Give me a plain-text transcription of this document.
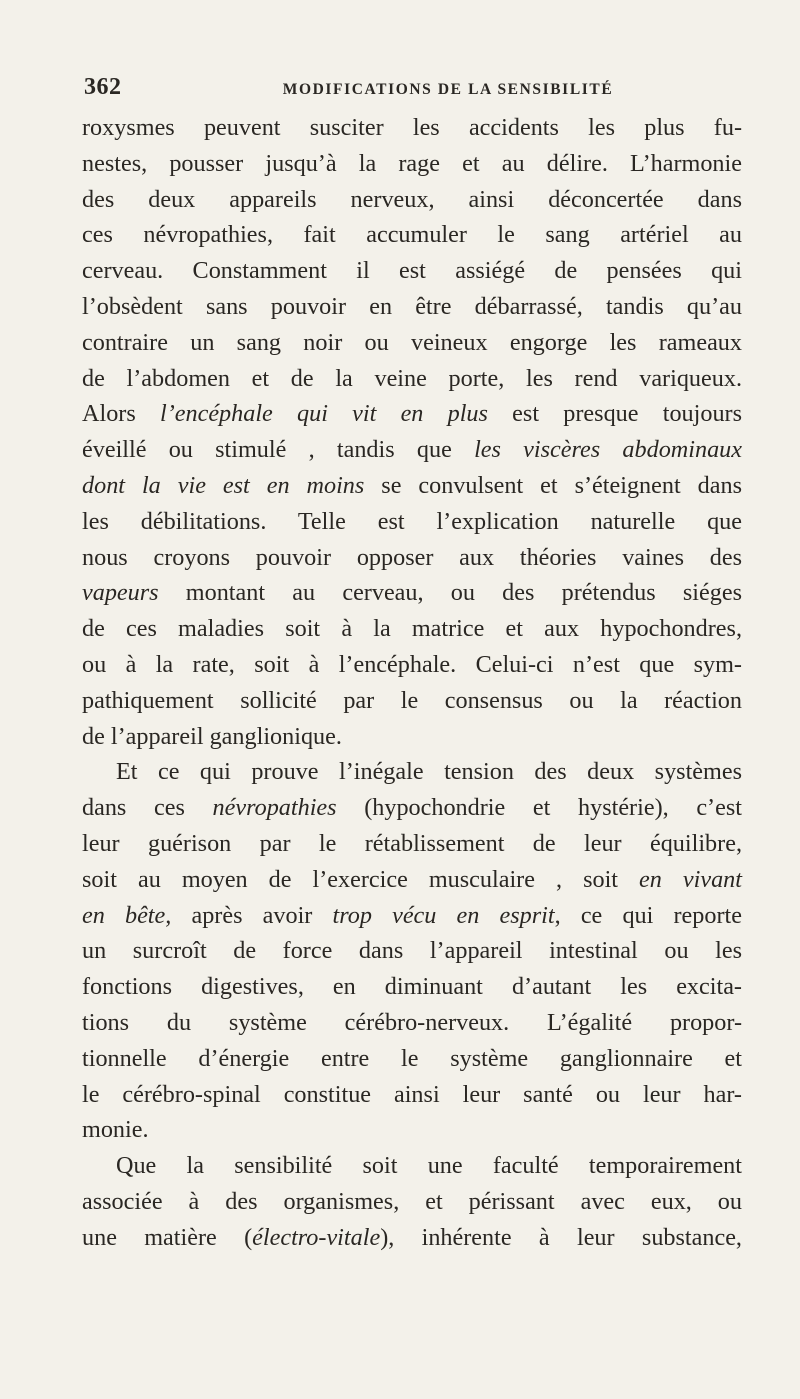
362	MODIFICATIONS DE LA SENSIBILITÉ
roxysmes peuvent susciter les accidents les plus fu-
nestes, pousser jusqu’à la rage et au délire. L’harmonie
des deux appareils nerveux, ainsi déconcertée dans
ces névropathies, fait accumuler le sang artériel au
cerveau. Constamment il est assiégé de pensées qui
l’obsèdent sans pouvoir en être débarrassé, tandis qu’au
contraire un sang noir ou veineux engorge les rameaux
de l’abdomen et de la veine porte, les rend variqueux.
Alors l’encéphale qui vit en plus est presque toujours
éveillé ou stimulé , tandis que les viscères abdominaux
dont la vie est en moins se convulsent et s’éteignent dans
les débilitations. Telle est l’explication naturelle que
nous croyons pouvoir opposer aux théories vaines des
vapeurs montant au cerveau, ou des prétendus siéges
de ces maladies soit à la matrice et aux hypochondres,
ou à la rate, soit à l’encéphale. Celui-ci n’est que sym-
pathiquement sollicité par le consensus ou la réaction
de l’appareil ganglionique.
Et ce qui prouve l’inégale tension des deux systèmes
dans ces névropathies (hypochondrie et hystérie), c’est
leur guérison par le rétablissement de leur équilibre,
soit au moyen de l’exercice musculaire , soit en vivant
en bête, après avoir trop vécu en esprit, ce qui reporte
un surcroît de force dans l’appareil intestinal ou les
fonctions digestives, en diminuant d’autant les excita-
tions du système cérébro-nerveux. L’égalité propor-
tionnelle d’énergie entre le système ganglionnaire et
le cérébro-spinal constitue ainsi leur santé ou leur har-
monie.
Que la sensibilité soit une faculté temporairement
associée à des organismes, et périssant avec eux, ou
une matière (électro-vitale), inhérente à leur substance,
